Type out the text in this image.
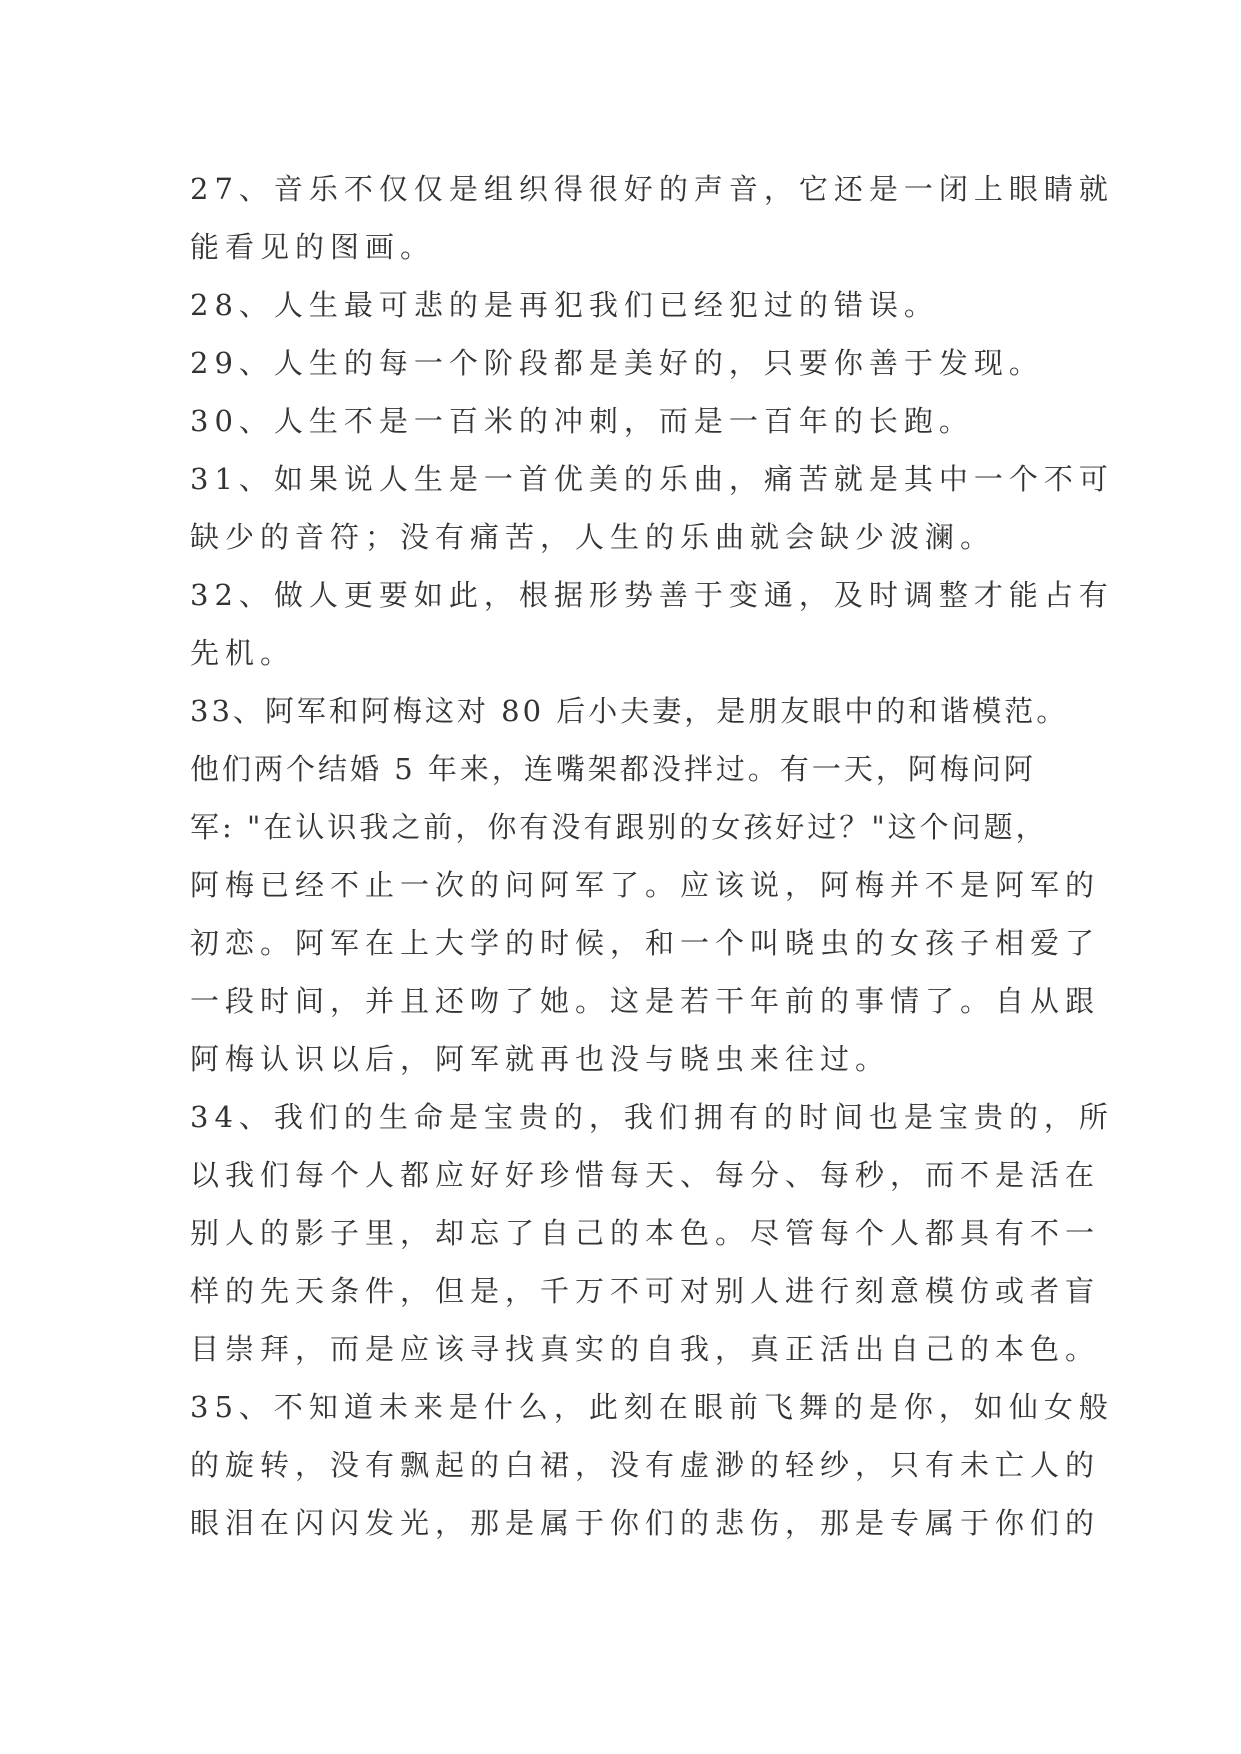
27、音乐不仅仅是组织得很好的声音，它还是一闭上眼睛就
能看见的图画。
28、人生最可悲的是再犯我们已经犯过的错误。
29、人生的每一个阶段都是美好的，只要你善于发现。
30、人生不是一百米的冲刺，而是一百年的长跑。
31、如果说人生是一首优美的乐曲，痛苦就是其中一个不可
缺少的音符；没有痛苦，人生的乐曲就会缺少波澜。
32、做人更要如此，根据形势善于变通，及时调整才能占有
先机。
33、阿军和阿梅这对 80 后小夫妻，是朋友眼中的和谐模范。
他们两个结婚 5 年来，连嘴架都没拌过。有一天，阿梅问阿
军: "在认识我之前，你有没有跟别的女孩好过？"这个问题，
阿梅已经不止一次的问阿军了。应该说，阿梅并不是阿军的
初恋。阿军在上大学的时候，和一个叫晓虫的女孩子相爱了
一段时间，并且还吻了她。这是若干年前的事情了。自从跟
阿梅认识以后，阿军就再也没与晓虫来往过。
34、我们的生命是宝贵的，我们拥有的时间也是宝贵的，所
以我们每个人都应好好珍惜每天、每分、每秒，而不是活在
别人的影子里，却忘了自己的本色。尽管每个人都具有不一
样的先天条件，但是，千万不可对别人进行刻意模仿或者盲
目崇拜，而是应该寻找真实的自我，真正活出自己的本色。
35、不知道未来是什么，此刻在眼前飞舞的是你，如仙女般
的旋转，没有飘起的白裙，没有虚渺的轻纱，只有未亡人的
眼泪在闪闪发光，那是属于你们的悲伤，那是专属于你们的
